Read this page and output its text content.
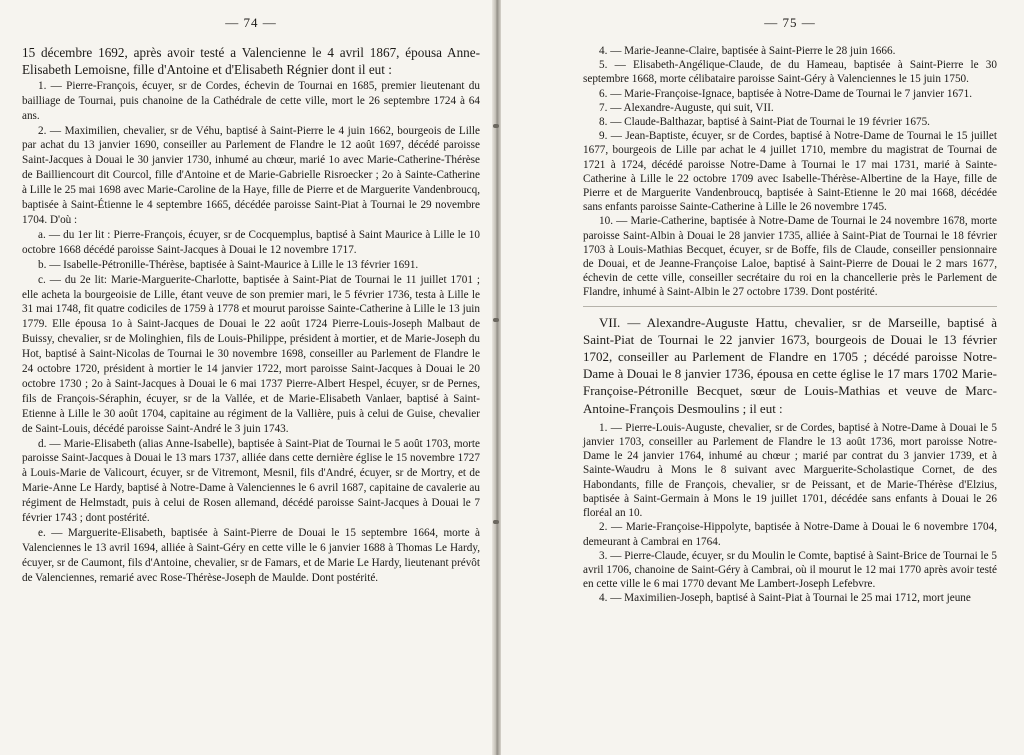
— 74 —

15 décembre 1692, après avoir testé a Valencienne le 4 avril 1867, épousa Anne-Elisabeth Lemoisne, fille d'Antoine et d'Elisabeth Régnier dont il eut :

1. — Pierre-François, écuyer, sr de Cordes, échevin de Tournai en 1685, premier lieutenant du bailliage de Tournai, puis chanoine de la Cathédrale de cette ville, mort le 26 septembre 1724 à 64 ans.

2. — Maximilien, chevalier, sr de Véhu, baptisé à Saint-Pierre le 4 juin 1662, bourgeois de Lille par achat du 13 janvier 1690, conseiller au Parlement de Flandre le 12 août 1697, décédé paroisse Saint-Jacques à Douai le 30 janvier 1730, inhumé au chœur, marié 1o avec Marie-Catherine-Thérèse de Bailliencourt dit Courcol, fille d'Antoine et de Marie-Gabrielle Risroecker ; 2o à Sainte-Catherine à Lille le 25 mai 1698 avec Marie-Caroline de la Haye, fille de Pierre et de Marguerite Vandenbroucq, baptisée à Saint-Étienne le 4 septembre 1665, décédée paroisse Saint-Piat à Tournai le 29 novembre 1704. D'où :

a. — du 1er lit : Pierre-François, écuyer, sr de Cocquemplus, baptisé à Saint Maurice à Lille le 10 octobre 1668 décédé paroisse Saint-Jacques à Douai le 12 novembre 1717.

b. — Isabelle-Pétronille-Thérèse, baptisée à Saint-Maurice à Lille le 13 février 1691.

c. — du 2e lit: Marie-Marguerite-Charlotte, baptisée à Saint-Piat de Tournai le 11 juillet 1701 ; elle acheta la bourgeoisie de Lille, étant veuve de son premier mari, le 5 février 1736, testa à Lille le 31 mai 1748, fit quatre codiciles de 1759 à 1778 et mourut paroisse Sainte-Catherine à Lille le 13 juin 1779. Elle épousa 1o à Saint-Jacques de Douai le 22 août 1724 Pierre-Louis-Joseph Malbaut de Buissy, chevalier, sr de Molinghien, fils de Louis-Philippe, président à mortier, et de Marie-Joseph du Hot, baptisé à Saint-Nicolas de Tournai le 30 novembre 1698, conseiller au Parlement de Flandre le 24 octobre 1720, président à mortier le 14 janvier 1722, mort paroisse Saint-Jacques à Douai le 20 octobre 1730 ; 2o à Saint-Jacques à Douai le 6 mai 1737 Pierre-Albert Hespel, écuyer, sr de Pernes, fils de François-Séraphin, écuyer, sr de la Vallée, et de Marie-Elisabeth Vanlaer, baptisé à Saint-Etienne à Lille le 30 août 1704, capitaine au régiment de la Vallière, puis à celui de Guise, chevalier de Saint-Louis, décédé paroisse Saint-André le 3 juin 1743.

d. — Marie-Elisabeth (alias Anne-Isabelle), baptisée à Saint-Piat de Tournai le 5 août 1703, morte paroisse Saint-Jacques à Douai le 13 mars 1737, alliée dans cette dernière église le 15 novembre 1727 à Louis-Marie de Valicourt, écuyer, sr de Vitremont, Mesnil, fils d'André, écuyer, sr de Mortry, et de Marie-Anne Le Hardy, baptisé à Notre-Dame à Valenciennes le 6 avril 1687, capitaine de cavalerie au régiment de Helmstadt, puis à celui de Rosen allemand, décédé paroisse Saint-Jacques à Douai le 7 février 1743 ; dont postérité.

e. — Marguerite-Elisabeth, baptisée à Saint-Pierre de Douai le 15 septembre 1664, morte à Valenciennes le 13 avril 1694, alliée à Saint-Géry en cette ville le 6 janvier 1688 à Thomas Le Hardy, écuyer, sr de Caumont, fils d'Antoine, chevalier, sr de Famars, et de Marie Le Hardy, lieutenant prévôt de Valenciennes, remarié avec Rose-Thérèse-Joseph de Maulde. Dont postérité.

— 75 —

4. — Marie-Jeanne-Claire, baptisée à Saint-Pierre le 28 juin 1666.

5. — Elisabeth-Angélique-Claude, de du Hameau, baptisée à Saint-Pierre le 30 septembre 1668, morte célibataire paroisse Saint-Géry à Valenciennes le 15 juin 1750.

6. — Marie-Françoise-Ignace, baptisée à Notre-Dame de Tournai le 7 janvier 1671.

7. — Alexandre-Auguste, qui suit, VII.

8. — Claude-Balthazar, baptisé à Saint-Piat de Tournai le 19 février 1675.

9. — Jean-Baptiste, écuyer, sr de Cordes, baptisé à Notre-Dame de Tournai le 15 juillet 1677, bourgeois de Lille par achat le 4 juillet 1710, membre du magistrat de Tournai de 1721 à 1724, décédé paroisse Notre-Dame à Tournai le 17 mai 1731, marié à Sainte-Catherine à Lille le 22 octobre 1709 avec Isabelle-Thérèse-Albertine de la Haye, fille de Pierre et de Marguerite Vandenbroucq, baptisée à Saint-Etienne le 20 mai 1668, décédée sans enfants paroisse Sainte-Catherine à Lille le 26 novembre 1745.

10. — Marie-Catherine, baptisée à Notre-Dame de Tournai le 24 novembre 1678, morte paroisse Saint-Albin à Douai le 28 janvier 1735, alliée à Saint-Piat de Tournai le 18 février 1703 à Louis-Mathias Becquet, écuyer, sr de Boffe, fils de Claude, conseiller pensionnaire de Douai, et de Jeanne-Françoise Laloe, baptisé à Saint-Pierre de Douai le 2 mars 1677, échevin de cette ville, conseiller secrétaire du roi en la chancellerie près le Parlement de Flandre, inhumé à Saint-Albin le 27 octobre 1739. Dont postérité.

VII. — Alexandre-Auguste Hattu, chevalier, sr de Marseille, baptisé à Saint-Piat de Tournai le 22 janvier 1673, bourgeois de Douai le 13 février 1702, conseiller au Parlement de Flandre en 1705 ; décédé paroisse Notre-Dame à Douai le 8 janvier 1736, épousa en cette église le 17 mars 1702 Marie-Françoise-Pétronille Becquet, sœur de Louis-Mathias et veuve de Marc-Antoine-François Desmoulins ; il eut :

1. — Pierre-Louis-Auguste, chevalier, sr de Cordes, baptisé à Notre-Dame à Douai le 5 janvier 1703, conseiller au Parlement de Flandre le 13 août 1736, mort paroisse Notre-Dame le 24 janvier 1764, inhumé au chœur ; marié par contrat du 3 janvier 1739, et à Sainte-Waudru à Mons le 8 suivant avec Marguerite-Scholastique Cornet, de des Habondants, fille de François, chevalier, sr de Peissant, et de Marie-Thérèse d'Elzius, baptisée à Saint-Germain à Mons le 19 juillet 1701, décédée sans enfants à Douai le 26 floréal an 10.

2. — Marie-Françoise-Hippolyte, baptisée à Notre-Dame à Douai le 6 novembre 1704, demeurant à Cambrai en 1764.

3. — Pierre-Claude, écuyer, sr du Moulin le Comte, baptisé à Saint-Brice de Tournai le 5 avril 1706, chanoine de Saint-Géry à Cambrai, où il mourut le 12 mai 1770 après avoir testé en cette ville le 6 mai 1770 devant Me Lambert-Joseph Lefebvre.

4. — Maximilien-Joseph, baptisé à Saint-Piat à Tournai le 25 mai 1712, mort jeune
